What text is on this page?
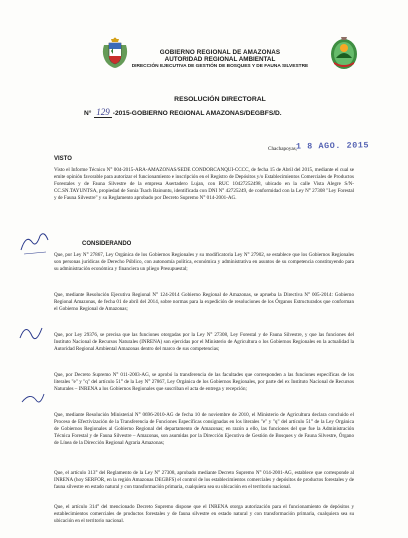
GOBIERNO REGIONAL DE AMAZONAS
AUTORIDAD REGIONAL AMBIENTAL
DIRECCIÓN EJECUTIVA DE GESTIÓN DE BOSQUES Y DE FAUNA SILVESTRE
RESOLUCIÓN DIRECTORAL
N° 129 -2015-GOBIERNO REGIONAL AMAZONAS/DEGBFS/D.
Chachapoyas,
1 8 AGO. 2015
VISTO
Visto el Informe Técnico N° 004-2015-ARA-AMAZONAS/SEDE CONDORCANQUI-CCCC, de fecha 15 de Abril del 2015, mediante el cual se emite opinión favorable para autorizar el funcionamiento e inscripción en el Registro de Depósitos y/o Establecimientos Comerciales de Productos Forestales y de Fauna Silvestre de la empresa Asertadero Lujan, con RUC 10427252498, ubicado en la calle Vista Alegre S/N- CC.SN.TAYUNTSA, propiedad de Sonia Tsach Bainuntu, identificada con DNI N° 42725249, de conformidad con la Ley N° 27308 "Ley Forestal y de Fauna Silvestre" y su Reglamento aprobado por Decreto Supremo N° 014-2001-AG.
CONSIDERANDO
Que, por Ley N° 27867, Ley Orgánica de los Gobiernos Regionales y su modificatoria Ley N° 27902, se establece que los Gobiernos Regionales son personas jurídicas de Derecho Público, con autonomía política, económica y administrativa en asuntos de su competencia constituyendo para su administración económica y financiera un pliego Presupuestal;
Que, mediante Resolución Ejecutiva Regional N° 124-2014 Gobierno Regional de Amazonas, se aprueba la Directiva N° 005-2014: Gobierno Regional Amazonas, de fecha 01 de abril del 2014, sobre normas para la expedición de resoluciones de los Órganos Estructurados que conforman el Gobierno Regional de Amazonas;
Que, por Ley 29376, se precisa que las funciones otorgadas por la Ley N° 27308, Ley Forestal y de Fauna Silvestre, y que las funciones del Instituto Nacional de Recursos Naturales (INRENA) son ejercidas por el Ministerio de Agricultura o los Gobiernos Regionales en la actualidad la Autoridad Regional Ambiental Amazonas dentro del marco de sus competencias;
Que, por Decreto Supremo N° 011-2003-AG, se aprobó la transferencia de las facultades que corresponden a las funciones específicas de los literales "e" y "q" del artículo 51° de la Ley N° 27867, Ley Orgánica de los Gobiernos Regionales, por parte del ex Instituto Nacional de Recursos Naturales – INRENA a los Gobiernos Regionales que suscriban el acta de entrega y recepción;
Que, mediante Resolución Ministerial N° 0696-2010-AG de fecha 10 de noviembre de 2010, el Ministerio de Agricultura declara concluido el Proceso de Efectivización de la Transferencia de Funciones Específicas consignadas en los literales "e" y "q" del artículo 51° de la Ley Orgánica de Gobiernos Regionales al Gobierno Regional del departamento de Amazonas; en razón a ello, las funciones del que fue la Administración Técnica Forestal y de Fauna Silvestre – Amazonas, son asumidas por la Dirección Ejecutiva de Gestión de Bosques y de Fauna Silvestre, Órgano de Línea de la Dirección Regional Agraria Amazonas;
Que, el artículo 313° del Reglamento de la Ley N° 27308, aprobado mediante Decreto Supremo N° 014-2001-AG, establece que corresponde al INRENA (hoy SERFOR, en la región Amazonas DEGBFS) el control de los establecimientos comerciales y depósitos de productos forestales y de fauna silvestre en estado natural y con transformación primaria, cualquiera sea su ubicación en el territorio nacional.
Que, el artículo 314° del mencionado Decreto Supremo dispone que el INRENA otorga autorización para el funcionamiento de depósitos y establecimientos comerciales de productos forestales y de fauna silvestre en estado natural y con transformación primaria, cualquiera sea su ubicación en el territorio nacional.
